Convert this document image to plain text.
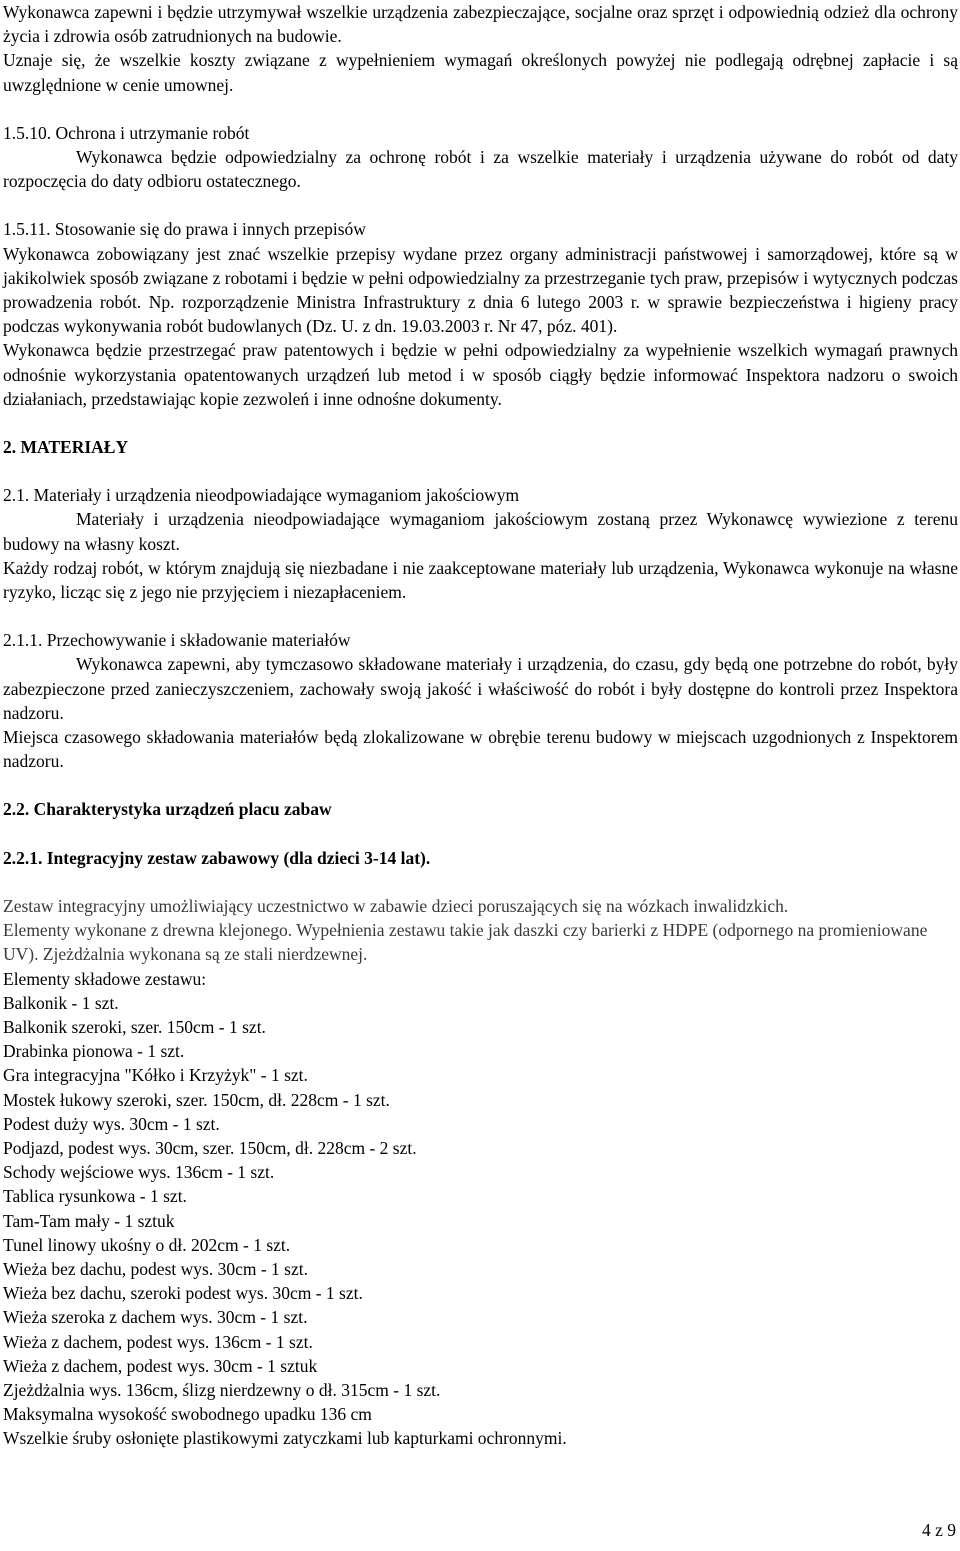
Wykonawca zapewni i będzie utrzymywał wszelkie urządzenia zabezpieczające, socjalne oraz sprzęt i odpowiednią odzież dla ochrony życia i zdrowia osób zatrudnionych na budowie.

Uznaje się, że wszelkie koszty związane z wypełnieniem wymagań określonych powyżej nie podlegają odrębnej zapłacie i są uwzględnione w cenie umownej.

1.5.10. Ochrona i utrzymanie robót

Wykonawca będzie odpowiedzialny za ochronę robót i za wszelkie materiały i urządzenia używane do robót od daty rozpoczęcia do daty odbioru ostatecznego.

1.5.11. Stosowanie się do prawa i innych przepisów

Wykonawca zobowiązany jest znać wszelkie przepisy wydane przez organy administracji państwowej i samorządowej, które są w jakikolwiek sposób związane z robotami i będzie w pełni odpowiedzialny za przestrzeganie tych praw, przepisów i wytycznych podczas prowadzenia robót. Np. rozporządzenie Ministra Infrastruktury z dnia 6 lutego 2003 r. w sprawie bezpieczeństwa i higieny pracy podczas wykonywania robót budowlanych (Dz. U. z dn. 19.03.2003 r. Nr 47, póz. 401).

Wykonawca będzie przestrzegać praw patentowych i będzie w pełni odpowiedzialny za wypełnienie wszelkich wymagań prawnych odnośnie wykorzystania opatentowanych urządzeń lub metod i w sposób ciągły będzie informować Inspektora nadzoru o swoich działaniach, przedstawiając kopie zezwoleń i inne odnośne dokumenty.

2. MATERIAŁY

2.1. Materiały i urządzenia nieodpowiadające wymaganiom jakościowym

Materiały i urządzenia nieodpowiadające wymaganiom jakościowym zostaną przez Wykonawcę wywiezione z terenu budowy na własny koszt.

Każdy rodzaj robót, w którym znajdują się niezbadane i nie zaakceptowane materiały lub urządzenia, Wykonawca wykonuje na własne ryzyko, licząc się z jego nie przyjęciem i niezapłaceniem.

2.1.1. Przechowywanie i składowanie materiałów

Wykonawca zapewni, aby tymczasowo składowane materiały i urządzenia, do czasu, gdy będą one potrzebne do robót, były zabezpieczone przed zanieczyszczeniem, zachowały swoją jakość i właściwość do robót i były dostępne do kontroli przez Inspektora nadzoru.

Miejsca czasowego składowania materiałów będą zlokalizowane w obrębie terenu budowy w miejscach uzgodnionych z Inspektorem nadzoru.

2.2. Charakterystyka urządzeń placu zabaw

2.2.1. Integracyjny zestaw zabawowy (dla dzieci 3-14 lat).

Zestaw integracyjny umożliwiający uczestnictwo w zabawie dzieci poruszających się na wózkach inwalidzkich.

Elementy wykonane z drewna klejonego. Wypełnienia zestawu takie jak daszki czy barierki z HDPE (odpornego na promieniowane UV). Zjeżdżalnia wykonana są ze stali nierdzewnej.

Elementy składowe zestawu:

Balkonik - 1 szt.

Balkonik szeroki, szer. 150cm - 1 szt.

Drabinka pionowa - 1 szt.

Gra integracyjna "Kółko i Krzyżyk" - 1 szt.

Mostek łukowy szeroki, szer. 150cm, dł. 228cm - 1 szt.

Podest duży wys. 30cm - 1 szt.

Podjazd, podest wys. 30cm, szer. 150cm, dł. 228cm - 2 szt.

Schody wejściowe wys. 136cm - 1 szt.

Tablica rysunkowa - 1 szt.

Tam-Tam mały - 1 sztuk

Tunel linowy ukośny o dł. 202cm - 1 szt.

Wieża bez dachu, podest wys. 30cm - 1 szt.

Wieża bez dachu, szeroki podest wys. 30cm - 1 szt.

Wieża szeroka z dachem wys. 30cm - 1 szt.

Wieża z dachem, podest wys. 136cm - 1 szt.

Wieża z dachem, podest wys. 30cm - 1 sztuk

Zjeżdżalnia wys. 136cm, ślizg nierdzewny o dł. 315cm - 1 szt.

Maksymalna wysokość swobodnego upadku 136 cm

Wszelkie śruby osłonięte plastikowymi zatyczkami lub kapturkami ochronnymi.

4 z 9
